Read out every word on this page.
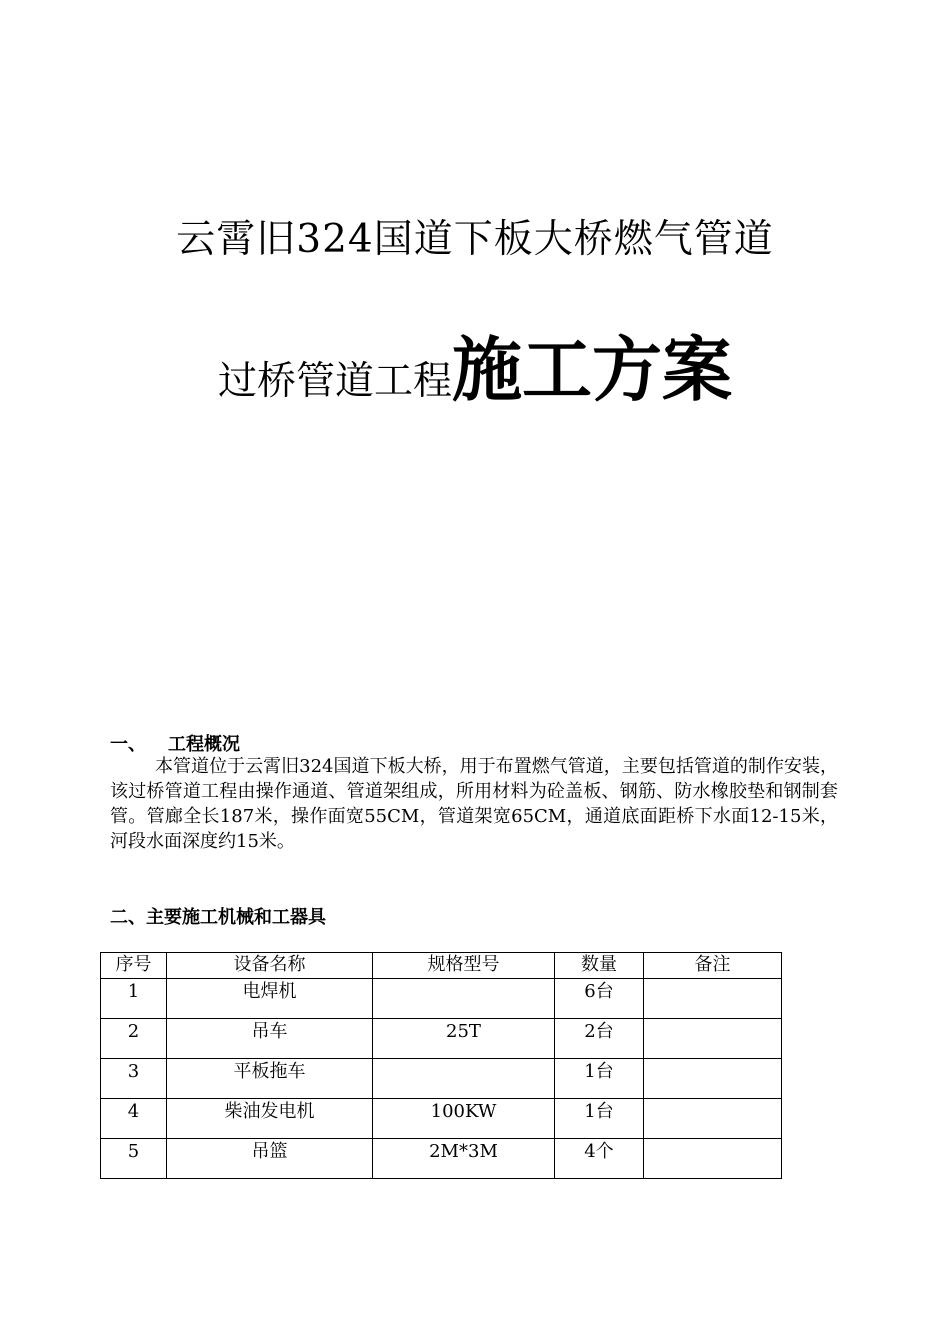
云霄旧324国道下板大桥燃气管道
过桥管道工程施工方案
一、 工程概况
本管道位于云霄旧324国道下板大桥，用于布置燃气管道，主要包括管道的制作安装，该过桥管道工程由操作通道、管道架组成，所用材料为砼盖板、钢筋、防水橡胶垫和钢制套管。管廊全长187米，操作面宽55CM，管道架宽65CM，通道底面距桥下水面12-15米，河段水面深度约15米。
二、主要施工机械和工器具
序号	设备名称	规格型号	数量	备注
1	电焊机		6台	
2	吊车	25T	2台	
3	平板拖车		1台	
4	柴油发电机	100KW	1台	
5	吊篮	2M*3M	4个	
